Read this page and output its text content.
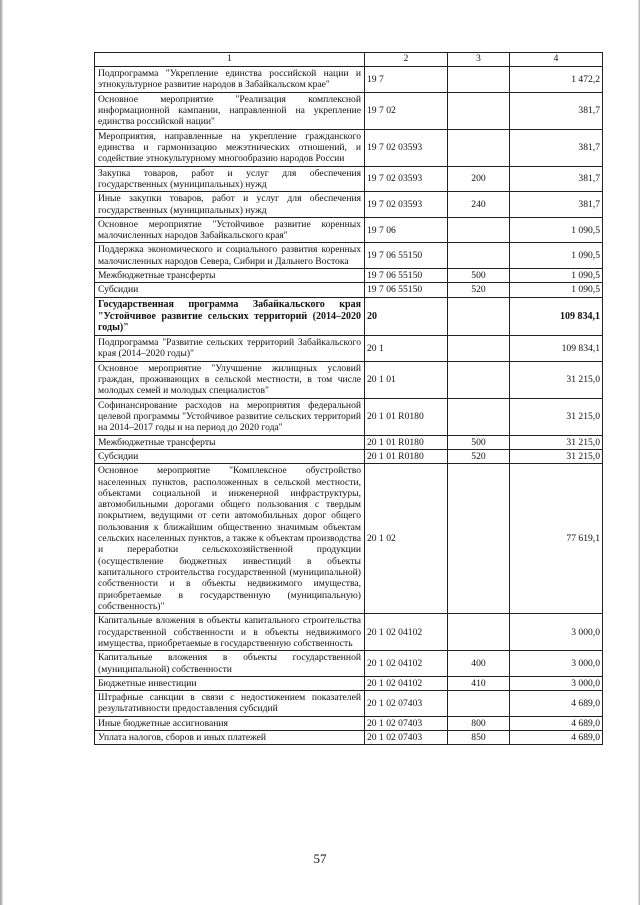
1	2	3	4
Подпрограмма "Укрепление единства российской нации и этнокультурное развитие народов в Забайкальском крае"	19 7		1 472,2
Основное мероприятие "Реализация комплексной информационной кампании, направленной на укрепление единства российской нации"	19 7 02		381,7
Мероприятия, направленные на укрепление гражданского единства и гармонизацию межэтнических отношений, и содействие этнокультурному многообразию народов России	19 7 02 03593		381,7
Закупка товаров, работ и услуг для обеспечения государственных (муниципальных) нужд	19 7 02 03593	200	381,7
Иные закупки товаров, работ и услуг для обеспечения государственных (муниципальных) нужд	19 7 02 03593	240	381,7
Основное мероприятие "Устойчивое развитие коренных малочисленных народов Забайкальского края"	19 7 06		1 090,5
Поддержка экономического и социального развития коренных малочисленных народов Севера, Сибири и Дальнего Востока	19 7 06 55150		1 090,5
Межбюджетные трансферты	19 7 06 55150	500	1 090,5
Субсидии	19 7 06 55150	520	1 090,5
Государственная программа Забайкальского края "Устойчивое развитие сельских территорий (2014–2020 годы)"	20		109 834,1
Подпрограмма "Развитие сельских территорий Забайкальского края (2014–2020 годы)"	20 1		109 834,1
Основное мероприятие "Улучшение жилищных условий граждан, проживающих в сельской местности, в том числе молодых семей и молодых специалистов"	20 1 01		31 215,0
Софинансирование расходов на мероприятия федеральной целевой программы "Устойчивое развитие сельских территорий на 2014–2017 годы и на период до 2020 года"	20 1 01 R0180		31 215,0
Межбюджетные трансферты	20 1 01 R0180	500	31 215,0
Субсидии	20 1 01 R0180	520	31 215,0
Основное мероприятие "Комплексное обустройство населенных пунктов, расположенных в сельской местности, объектами социальной и инженерной инфраструктуры, автомобильными дорогами общего пользования с твердым покрытием, ведущими от сети автомобильных дорог общего пользования к ближайшим общественно значимым объектам сельских населенных пунктов, а также к объектам производства и переработки сельскохозяйственной продукции (осуществление бюджетных инвестиций в объекты капитального строительства государственной (муниципальной) собственности и в объекты недвижимого имущества, приобретаемые в государственную (муниципальную) собственность)"	20 1 02		77 619,1
Капитальные вложения в объекты капитального строительства государственной собственности и в объекты недвижимого имущества, приобретаемые в государственную собственность	20 1 02 04102		3 000,0
Капитальные вложения в объекты государственной (муниципальной) собственности	20 1 02 04102	400	3 000,0
Бюджетные инвестиции	20 1 02 04102	410	3 000,0
Штрафные санкции в связи с недостижением показателей результативности предоставления субсидий	20 1 02 07403		4 689,0
Иные бюджетные ассигнования	20 1 02 07403	800	4 689,0
Уплата налогов, сборов и иных платежей	20 1 02 07403	850	4 689,0
57
